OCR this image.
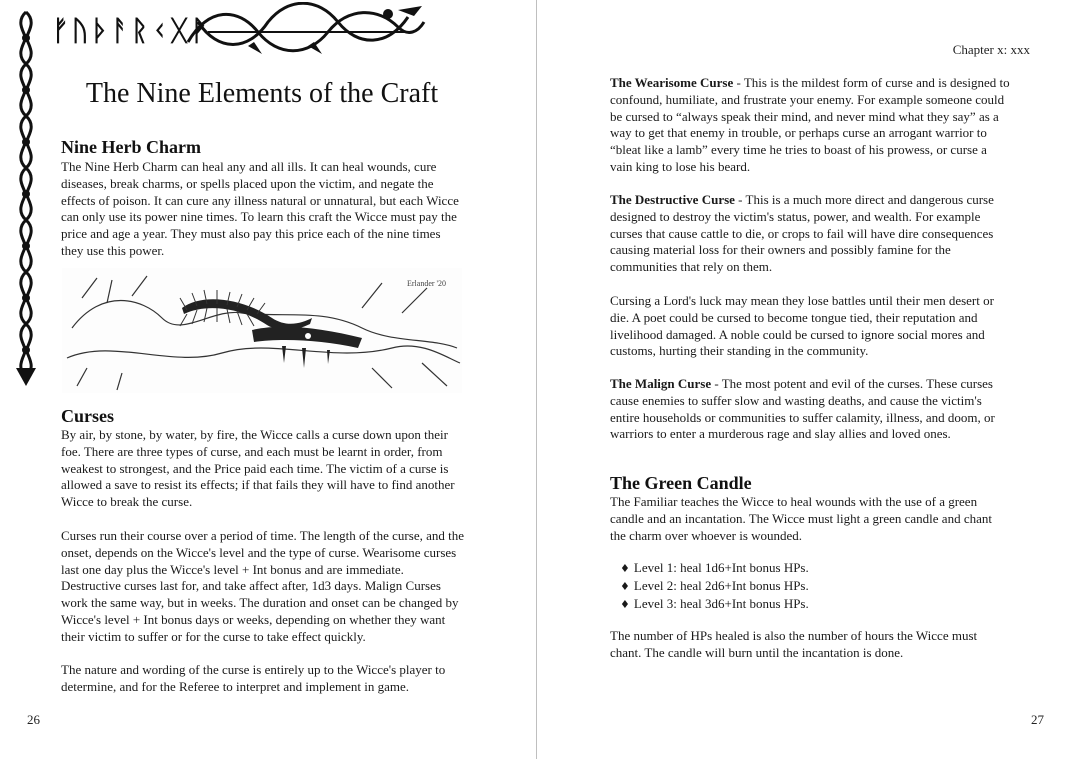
ᚠᚢᚦᚨᚱᚲᚷᚹ
The Nine Elements of the Craft
Nine Herb Charm

The Nine Herb Charm can heal any and all ills. It can heal wounds, cure diseases, break charms, or spells placed upon the victim, and negate the effects of poison. It can cure any illness natural or unnatural, but each Wicce can only use its power nine times. To learn this craft the Wicce must pay the price and age a year. They must also pay this price each of the nine times they use this power.

Erlander '20
Curses

By air, by stone, by water, by fire, the Wicce calls a curse down upon their foe. There are three types of curse, and each must be learnt in order, from weakest to strongest, and the Price paid each time. The victim of a curse is allowed a save to resist its effects; if that fails they will have to find another Wicce to break the curse.

Curses run their course over a period of time. The length of the curse, and the onset, depends on the Wicce's level and the type of curse. Wearisome curses last one day plus the Wicce's level + Int bonus and are immediate. Destructive curses last for, and take affect after, 1d3 days. Malign Curses work the same way, but in weeks. The duration and onset can be changed by Wicce's level + Int bonus days or weeks, depending on whether they want their victim to suffer or for the curse to take effect quickly.

The nature and wording of the curse is entirely up to the Wicce's player to determine, and for the Referee to interpret and implement in game.

26
Chapter x: xxx

The Wearisome Curse - This is the mildest form of curse and is designed to confound, humiliate, and frustrate your enemy. For example someone could be cursed to “always speak their mind, and never mind what they say” as a way to get that enemy in trouble, or perhaps curse an arrogant warrior to “bleat like a lamb” every time he tries to boast of his prowess, or curse a vain king to lose his beard.

The Destructive Curse - This is a much more direct and dangerous curse designed to destroy the victim's status, power, and wealth. For example curses that cause cattle to die, or crops to fail will have dire consequences causing material loss for their owners and possibly famine for the communities that rely on them.

Cursing a Lord's luck may mean they lose battles until their men desert or die. A poet could be cursed to become tongue tied, their reputation and livelihood damaged. A noble could be cursed to ignore social mores and customs, hurting their standing in the community.

The Malign Curse - The most potent and evil of the curses. These curses cause enemies to suffer slow and wasting deaths, and cause the victim's entire households or communities to suffer calamity, illness, and doom, or warriors to enter a murderous rage and slay allies and loved ones.

The Green Candle

The Familiar teaches the Wicce to heal wounds with the use of a green candle and an incantation. The Wicce must light a green candle and chant the charm over whoever is wounded.

♦ Level 1: heal 1d6+Int bonus HPs.
♦ Level 2: heal 2d6+Int bonus HPs.
♦ Level 3: heal 3d6+Int bonus HPs.

The number of HPs healed is also the number of hours the Wicce must chant. The candle will burn until the incantation is done.

27
